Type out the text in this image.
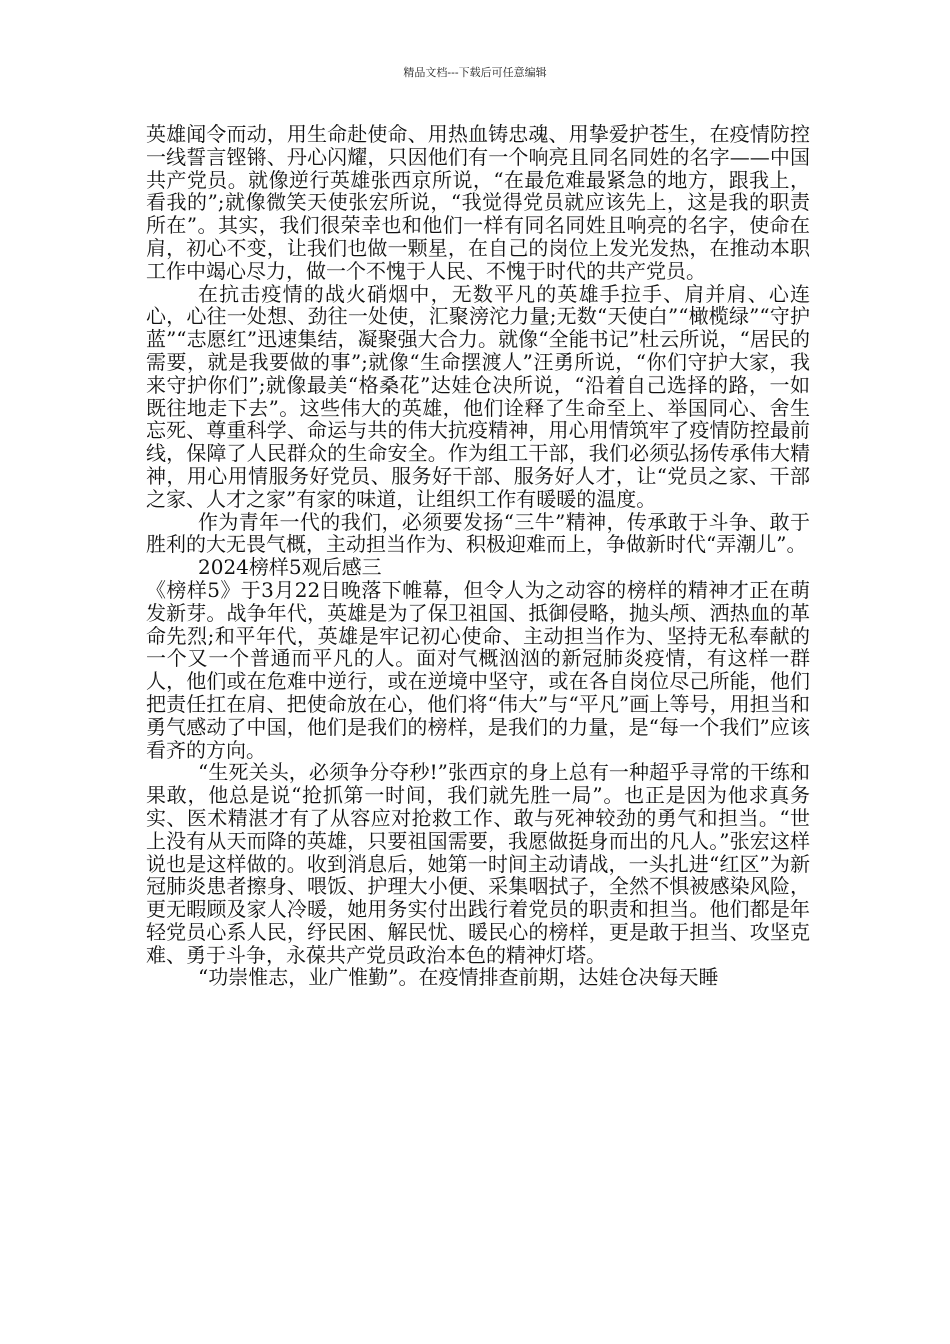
精品文档---下载后可任意编辑

英雄闻令而动，用生命赴使命、用热血铸忠魂、用挚爱护苍生，在疫情防控一线誓言铿锵、丹心闪耀，只因他们有一个响亮且同名同姓的名字——中国共产党员。就像逆行英雄张西京所说，“在最危难最紧急的地方，跟我上，看我的”;就像微笑天使张宏所说，“我觉得党员就应该先上，这是我的职责所在”。其实，我们很荣幸也和他们一样有同名同姓且响亮的名字，使命在肩，初心不变，让我们也做一颗星，在自己的岗位上发光发热，在推动本职工作中竭心尽力，做一个不愧于人民、不愧于时代的共产党员。

在抗击疫情的战火硝烟中，无数平凡的英雄手拉手、肩并肩、心连心，心往一处想、劲往一处使，汇聚滂沱力量;无数“天使白”“橄榄绿”“守护蓝”“志愿红”迅速集结，凝聚强大合力。就像“全能书记”杜云所说，“居民的需要，就是我要做的事”;就像“生命摆渡人”汪勇所说，“你们守护大家，我来守护你们”;就像最美“格桑花”达娃仓决所说，“沿着自己选择的路，一如既往地走下去”。这些伟大的英雄，他们诠释了生命至上、举国同心、舍生忘死、尊重科学、命运与共的伟大抗疫精神，用心用情筑牢了疫情防控最前线，保障了人民群众的生命安全。作为组工干部，我们必须弘扬传承伟大精神，用心用情服务好党员、服务好干部、服务好人才，让“党员之家、干部之家、人才之家”有家的味道，让组织工作有暖暖的温度。

作为青年一代的我们，必须要发扬“三牛”精神，传承敢于斗争、敢于胜利的大无畏气概，主动担当作为、积极迎难而上，争做新时代“弄潮儿”。

2024榜样5观后感三

《榜样5》于3月22日晚落下帷幕，但令人为之动容的榜样的精神才正在萌发新芽。战争年代，英雄是为了保卫祖国、抵御侵略，抛头颅、洒热血的革命先烈;和平年代，英雄是牢记初心使命、主动担当作为、坚持无私奉献的一个又一个普通而平凡的人。面对气概汹汹的新冠肺炎疫情，有这样一群人，他们或在危难中逆行，或在逆境中坚守，或在各自岗位尽己所能，他们把责任扛在肩、把使命放在心，他们将“伟大”与“平凡”画上等号，用担当和勇气感动了中国，他们是我们的榜样，是我们的力量，是“每一个我们”应该看齐的方向。

“生死关头，必须争分夺秒!”张西京的身上总有一种超乎寻常的干练和果敢，他总是说“抢抓第一时间，我们就先胜一局”。也正是因为他求真务实、医术精湛才有了从容应对抢救工作、敢与死神较劲的勇气和担当。“世上没有从天而降的英雄，只要祖国需要，我愿做挺身而出的凡人。”张宏这样说也是这样做的。收到消息后，她第一时间主动请战，一头扎进“红区”为新冠肺炎患者擦身、喂饭、护理大小便、采集咽拭子，全然不惧被感染风险，更无暇顾及家人冷暖，她用务实付出践行着党员的职责和担当。他们都是年轻党员心系人民，纾民困、解民忧、暖民心的榜样，更是敢于担当、攻坚克难、勇于斗争，永葆共产党员政治本色的精神灯塔。

“功崇惟志，业广惟勤”。在疫情排查前期，达娃仓决每天睡
